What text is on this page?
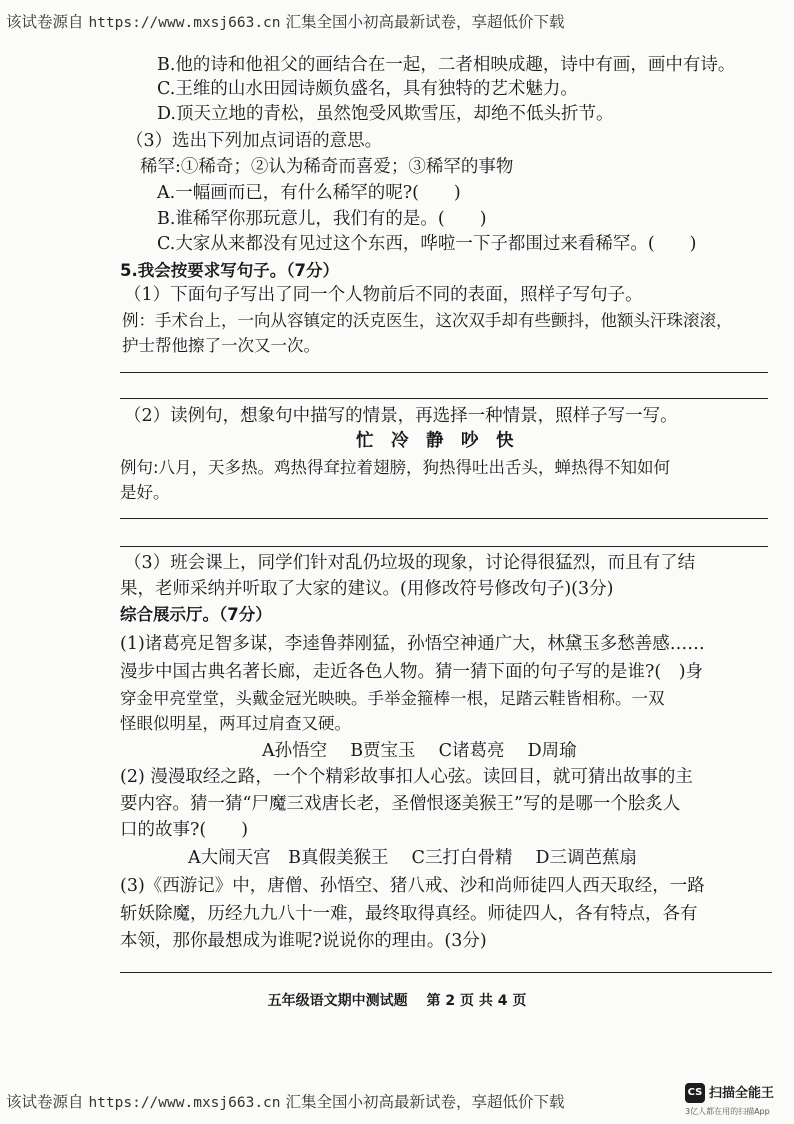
该试卷源自 https://www.mxsj663.cn 汇集全国小初高最新试卷，享超低价下载
B.他的诗和他祖父的画结合在一起，二者相映成趣，诗中有画，画中有诗。
C.王维的山水田园诗颇负盛名，具有独特的艺术魅力。
D.顶天立地的青松，虽然饱受风欺雪压，却绝不低头折节。
（3）选出下列加点词语的意思。
稀罕:①稀奇；②认为稀奇而喜爱；③稀罕的事物
A.一幅画而已，有什么稀罕的呢?(　　)
B.谁稀罕你那玩意儿，我们有的是。(　　)
C.大家从来都没有见过这个东西，哗啦一下子都围过来看稀罕。(　　)
5.我会按要求写句子。（7分）
（1）下面句子写出了同一个人物前后不同的表面，照样子写句子。
例：手术台上，一向从容镇定的沃克医生，这次双手却有些颤抖，他额头汗珠滚滚，
护士帮他擦了一次又一次。
（2）读例句，想象句中描写的情景，再选择一种情景，照样子写一写。
忙　冷　静　吵　快
例句:八月，天多热。鸡热得耷拉着翅膀，狗热得吐出舌头，蝉热得不知如何
是好。
（3）班会课上，同学们针对乱仍垃圾的现象，讨论得很猛烈，而且有了结
果，老师采纳并听取了大家的建议。(用修改符号修改句子)(3分)
综合展示厅。（7分）
(1)诸葛亮足智多谋，李逵鲁莽刚猛，孙悟空神通广大，林黛玉多愁善感……
漫步中国古典名著长廊，走近各色人物。猜一猜下面的句子写的是谁?(　)身
穿金甲亮堂堂，头戴金冠光映映。手举金箍棒一根，足踏云鞋皆相称。一双
怪眼似明星，两耳过肩查又硬。
A孙悟空　 B贾宝玉　 C诸葛亮　 D周瑜
(2) 漫漫取经之路，一个个精彩故事扣人心弦。读回目，就可猜出故事的主
要内容。猜一猜“尸魔三戏唐长老，圣僧恨逐美猴王”写的是哪一个脍炙人
口的故事?(　　)
A大闹天宫　B真假美猴王　 C三打白骨精　 D三调芭蕉扇
(3)《西游记》中，唐僧、孙悟空、猪八戒、沙和尚师徒四人西天取经，一路
斩妖除魔，历经九九八十一难，最终取得真经。师徒四人，各有特点，各有
本领，那你最想成为谁呢?说说你的理由。(3分)
五年级语文期中测试题　 第 2 页 共 4 页
该试卷源自 https://www.mxsj663.cn 汇集全国小初高最新试卷，享超低价下载
CS 扫描全能王
3亿人都在用的扫描App
